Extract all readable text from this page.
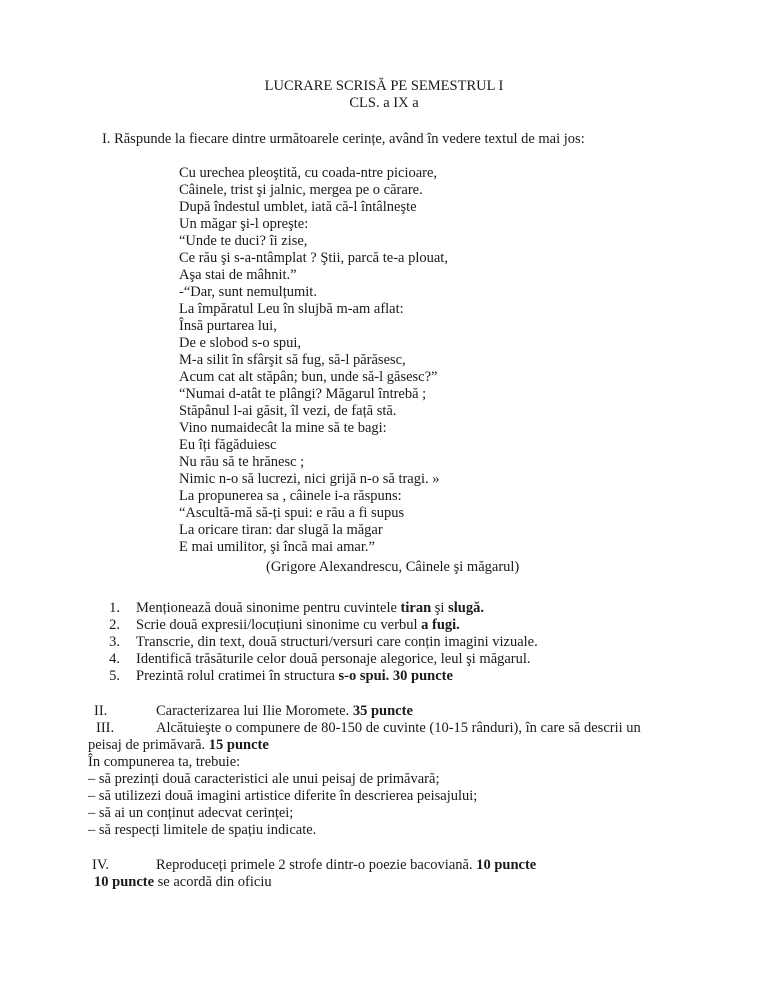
LUCRARE SCRISĂ PE SEMESTRUL I
CLS. a IX a
I. Răspunde la fiecare dintre următoarele cerințe, având în vedere textul de mai jos:
Cu urechea pleoştită, cu coada-ntre picioare,
Câinele, trist şi jalnic, mergea pe o cărare.
După îndestul umblet, iată că-l întâlneşte
Un măgar şi-l opreşte:
“Unde te duci? îi zise,
Ce rău şi s-a-ntâmplat ? Ştii, parcă te-a plouat,
Aşa stai de mâhnit.”
-“Dar, sunt nemulțumit.
La împăratul Leu în slujbă m-am aflat:
Însă purtarea lui,
De e slobod s-o spui,
M-a silit în sfârşit să fug, să-l părăsesc,
Acum cat alt stăpân; bun, unde să-l găsesc?”
“Numai d-atât te plângi? Măgarul întrebă ;
Stăpânul l-ai găsit, îl vezi, de față stă.
Vino numaidecât la mine să te bagi:
Eu îți făgăduiesc
Nu rău să te hrănesc ;
Nimic n-o să lucrezi, nici grijă n-o să tragi. »
La propunerea sa , câinele i-a răspuns:
“Ascultă-mă să-ți spui: e rău a fi supus
La oricare tiran: dar slugă la măgar
E mai umilitor, şi încă mai amar.”
(Grigore Alexandrescu, Câinele şi măgarul)
1. Menționează două sinonime pentru cuvintele tiran şi slugă.
2. Scrie două expresii/locuțiuni sinonime cu verbul a fugi.
3. Transcrie, din text, două structuri/versuri care conțin imagini vizuale.
4. Identifică trăsăturile celor două personaje alegorice, leul şi măgarul.
5. Prezintă rolul cratimei în structura s-o spui. 30 puncte
II.	Caracterizarea lui Ilie Moromete. 35 puncte
III.	Alcătuieşte o compunere de 80-150 de cuvinte (10-15 rânduri), în care să descrii un
peisaj de primăvară. 15 puncte
În compunerea ta, trebuie:
– să prezinți două caracteristici ale unui peisaj de primăvară;
– să utilizezi două imagini artistice diferite în descrierea peisajului;
– să ai un conținut adecvat cerinței;
– să respecți limitele de spațiu indicate.
IV.	Reproduceți primele 2 strofe dintr-o poezie bacoviană. 10 puncte
10 puncte se acordă din oficiu
